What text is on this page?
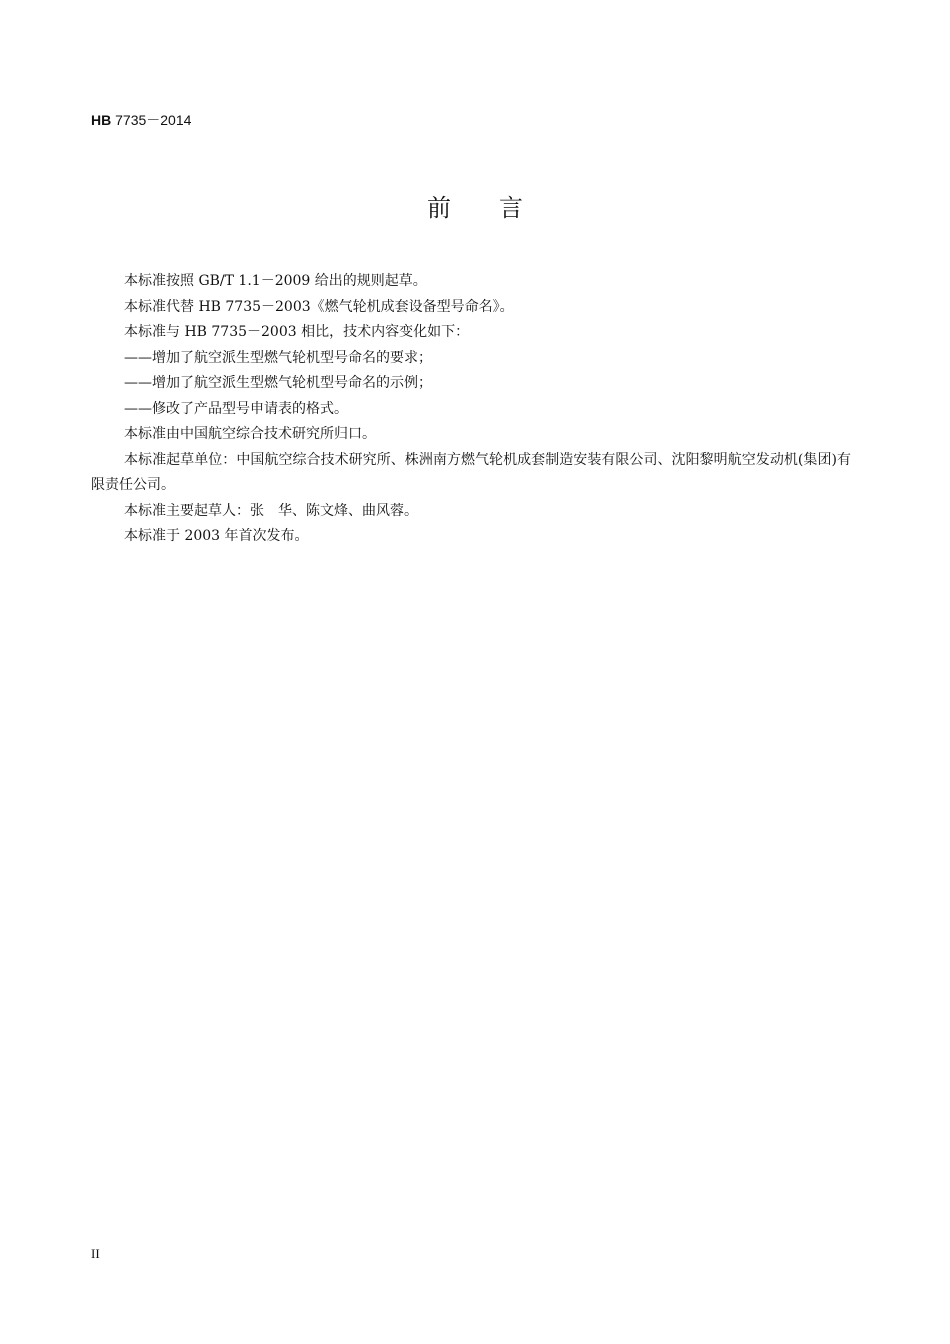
HB 7735－2014
前　　言

本标准按照 GB/T 1.1－2009 给出的规则起草。

本标准代替 HB 7735－2003《燃气轮机成套设备型号命名》。

本标准与 HB 7735－2003 相比，技术内容变化如下：

——增加了航空派生型燃气轮机型号命名的要求；

——增加了航空派生型燃气轮机型号命名的示例；

——修改了产品型号申请表的格式。

本标准由中国航空综合技术研究所归口。

本标准起草单位：中国航空综合技术研究所、株洲南方燃气轮机成套制造安装有限公司、沈阳黎明航空发动机(集团)有限责任公司。

本标准主要起草人：张　华、陈文烽、曲风蓉。

本标准于 2003 年首次发布。

II
